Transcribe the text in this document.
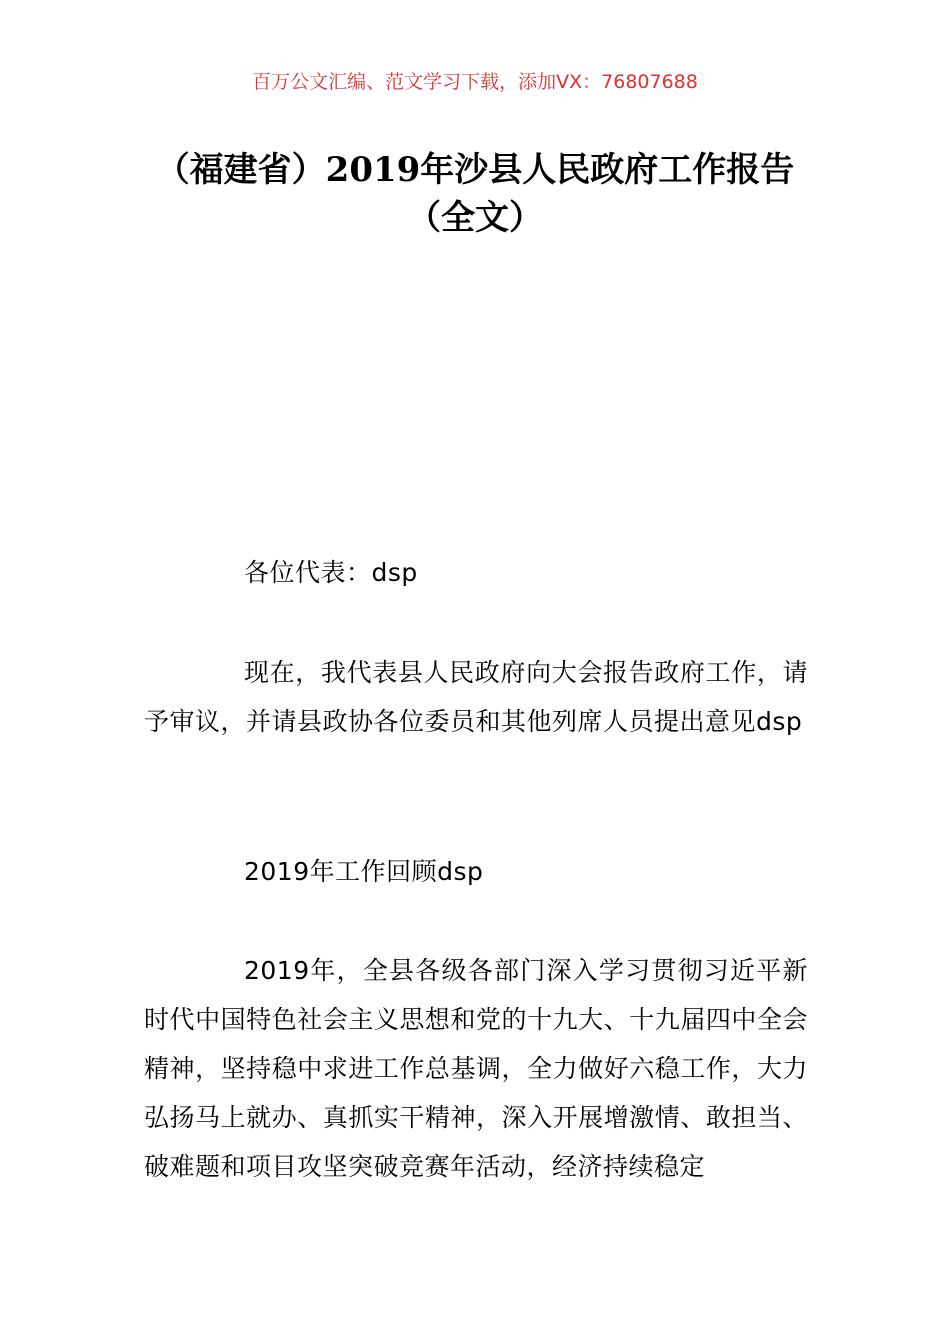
百万公文汇编、范文学习下载，添加VX：76807688
（福建省）2019年沙县人民政府工作报告
（全文）

各位代表：dsp

现在，我代表县人民政府向大会报告政府工作，请予审议，并请县政协各位委员和其他列席人员提出意见dsp

2019年工作回顾dsp

2019年，全县各级各部门深入学习贯彻习近平新时代中国特色社会主义思想和党的十九大、十九届四中全会精神，坚持稳中求进工作总基调，全力做好六稳工作，大力弘扬马上就办、真抓实干精神，深入开展增激情、敢担当、破难题和项目攻坚突破竞赛年活动，经济持续稳定
